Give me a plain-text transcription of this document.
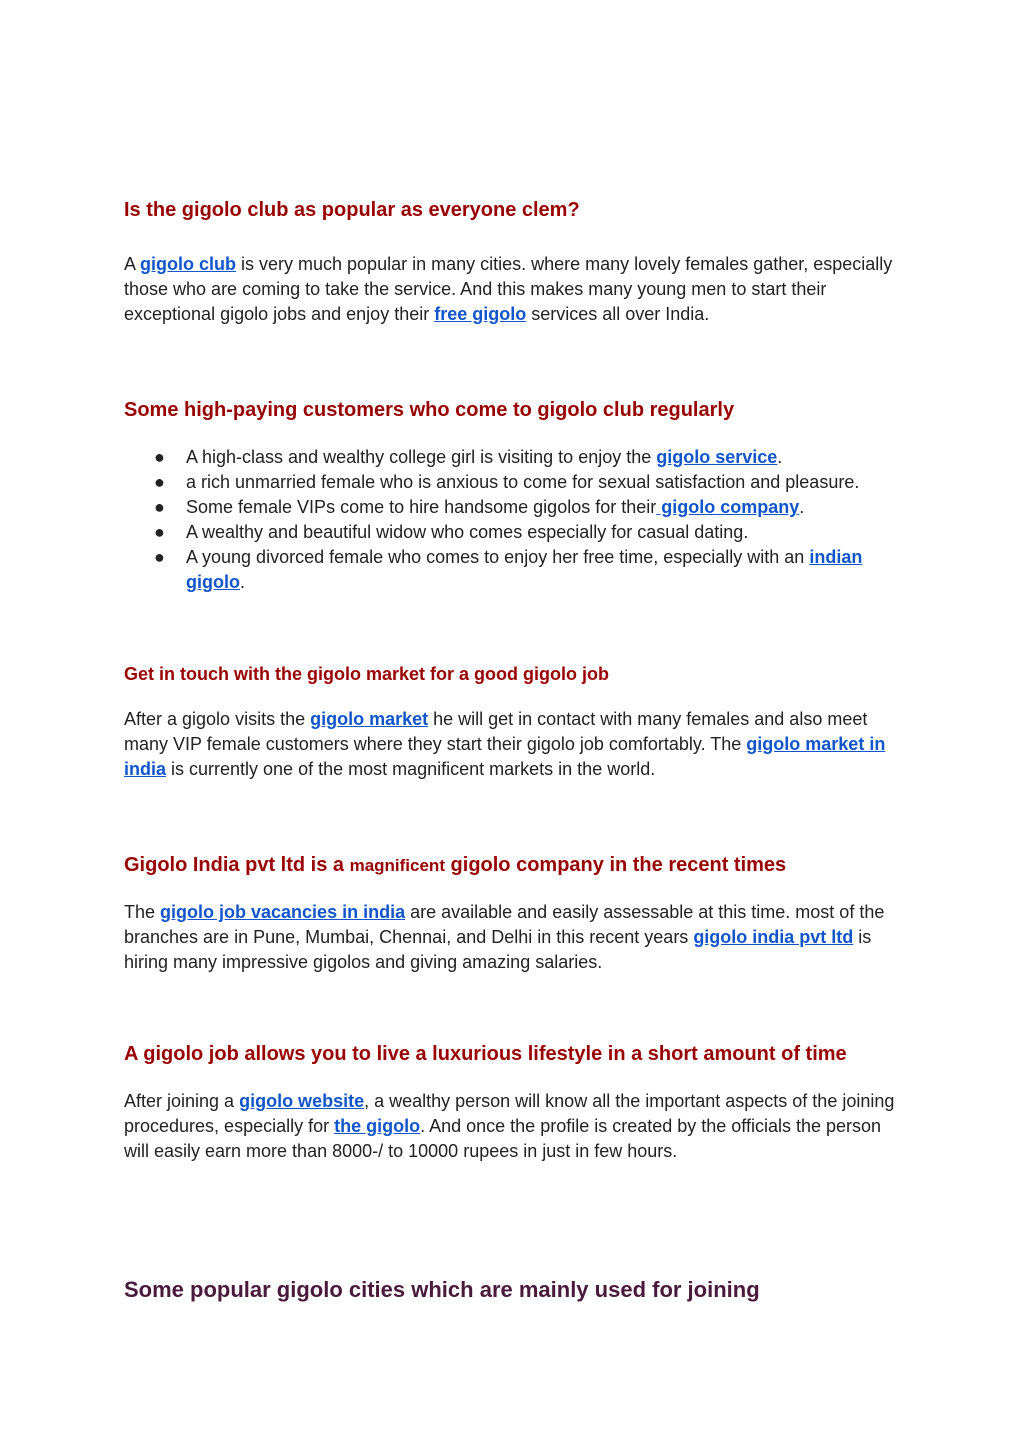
Is the gigolo club as popular as everyone clem?

A gigolo club is very much popular in many cities. where many lovely females gather, especially those who are coming to take the service. And this makes many young men to start their exceptional gigolo jobs and enjoy their free gigolo services all over India.

Some high-paying customers who come to gigolo club regularly
● A high-class and wealthy college girl is visiting to enjoy the gigolo service.
● a rich unmarried female who is anxious to come for sexual satisfaction and pleasure.
● Some female VIPs come to hire handsome gigolos for their gigolo company.
● A wealthy and beautiful widow who comes especially for casual dating.
● A young divorced female who comes to enjoy her free time, especially with an indian gigolo.
Get in touch with the gigolo market for a good gigolo job

After a gigolo visits the gigolo market he will get in contact with many females and also meet many VIP female customers where they start their gigolo job comfortably. The gigolo market in india is currently one of the most magnificent markets in the world.

Gigolo India pvt ltd is a magnificent gigolo company in the recent times

The gigolo job vacancies in india are available and easily assessable at this time. most of the branches are in Pune, Mumbai, Chennai, and Delhi in this recent years gigolo india pvt ltd is hiring many impressive gigolos and giving amazing salaries.

A gigolo job allows you to live a luxurious lifestyle in a short amount of time

After joining a gigolo website, a wealthy person will know all the important aspects of the joining procedures, especially for the gigolo. And once the profile is created by the officials the person will easily earn more than 8000-/ to 10000 rupees in just in few hours.

Some popular gigolo cities which are mainly used for joining
